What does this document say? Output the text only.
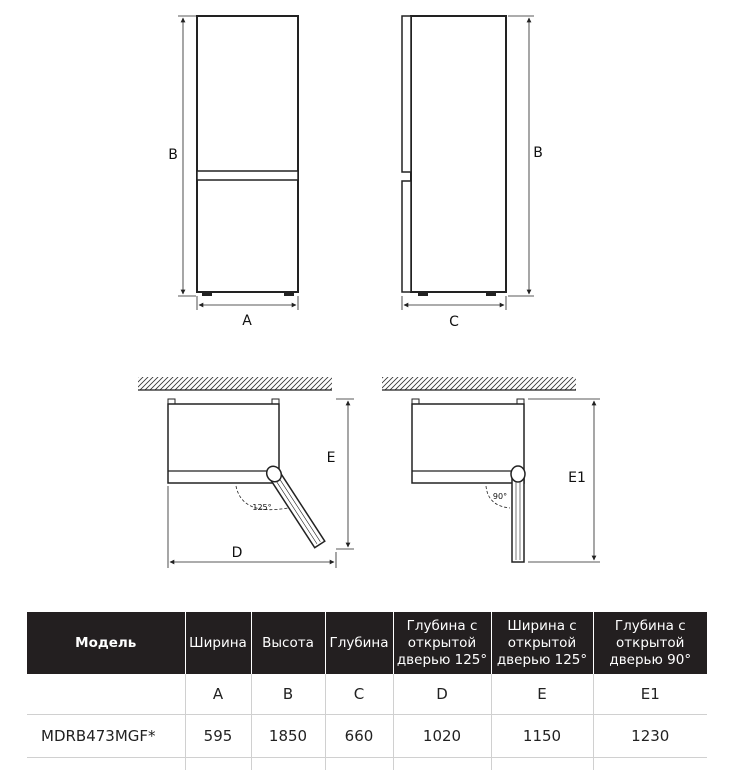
A
B
C
B
125°
E
D
90°
E1
Модель	Ширина	Высота	Глубина	Глубина с открытой дверью 125°	Ширина с открытой дверью 125°	Глубина с открытой дверью 90°
	A	B	C	D	E	E1
MDRB473MGF*	595	1850	660	1020	1150	1230
